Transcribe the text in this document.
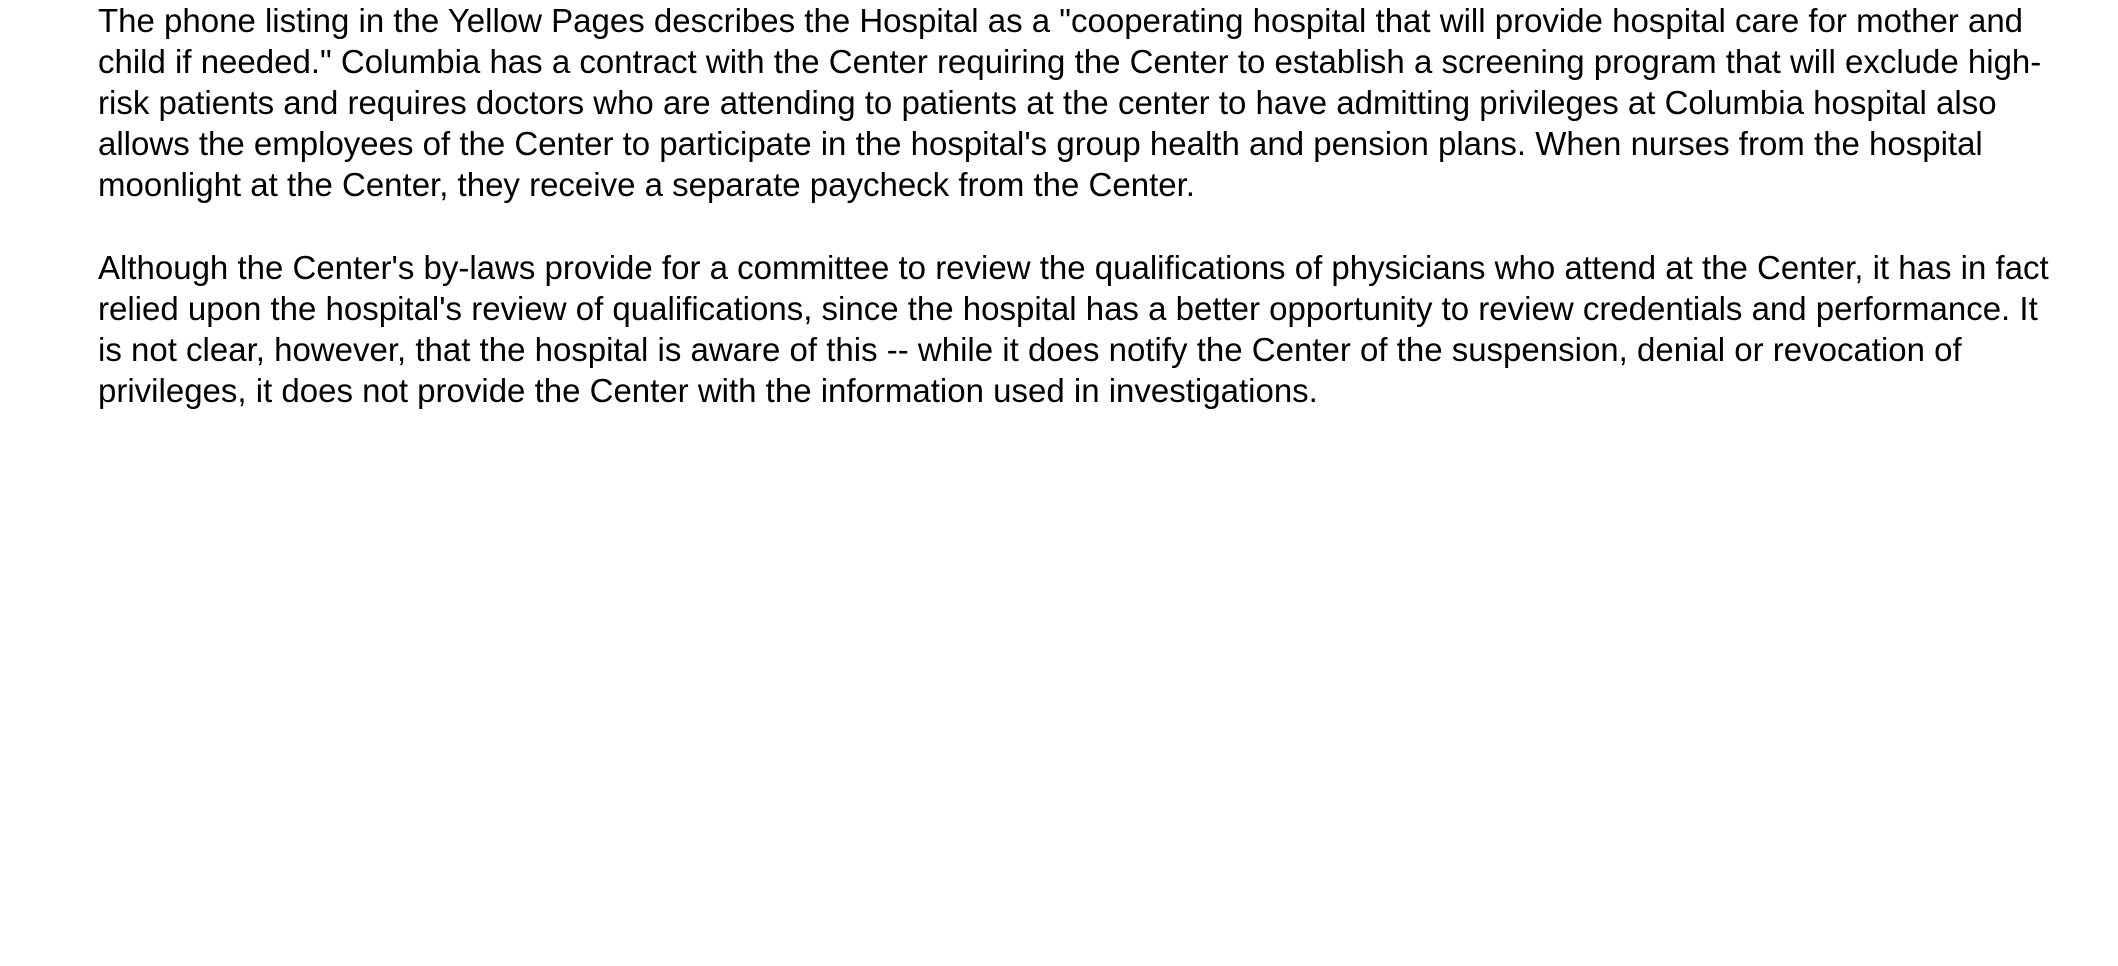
The phone listing in the Yellow Pages describes the Hospital as a "cooperating hospital that will provide hospital care for mother and child if needed." Columbia has a contract with the Center requiring the Center to establish a screening program that will exclude high-risk patients and requires doctors who are attending to patients at the center to have admitting privileges at Columbia hospital also allows the employees of the Center to participate in the hospital's group health and pension plans. When nurses from the hospital moonlight at the Center, they receive a separate paycheck from the Center.

Although the Center's by-laws provide for a committee to review the qualifications of physicians who attend at the Center, it has in fact relied upon the hospital's review of qualifications, since the hospital has a better opportunity to review credentials and performance. It is not clear, however, that the hospital is aware of this -- while it does notify the Center of the suspension, denial or revocation of privileges, it does not provide the Center with the information used in investigations.
